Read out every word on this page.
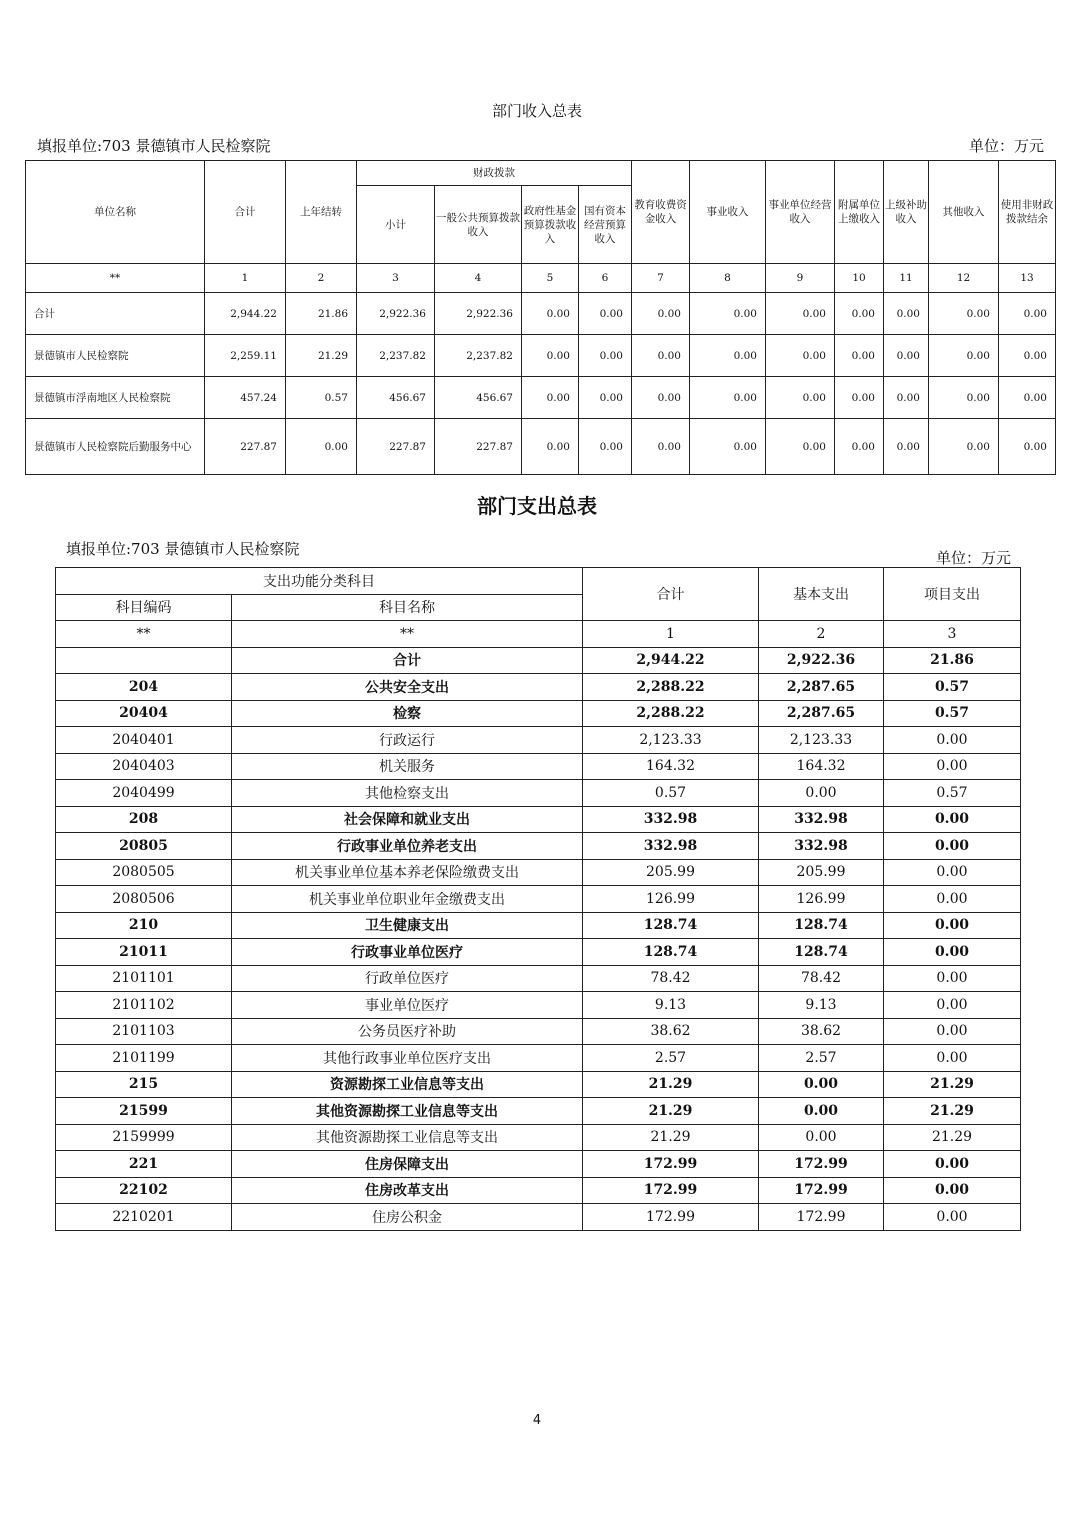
部门收入总表
填报单位:703 景德镇市人民检察院	单位：万元
单位名称	合计	上年结转	财政拨款				教育收费资金收入	事业收入	事业单位经营收入	附属单位上缴收入	上级补助收入	其他收入	使用非财政拨款结余
			小计	一般公共预算拨款收入	政府性基金预算拨款收入	国有资本经营预算收入							
**	1	2	3	4	5	6	7	8	9	10	11	12	13
合计	2,944.22	21.86	2,922.36	2,922.36	0.00	0.00	0.00	0.00	0.00	0.00	0.00	0.00	0.00
景德镇市人民检察院	2,259.11	21.29	2,237.82	2,237.82	0.00	0.00	0.00	0.00	0.00	0.00	0.00	0.00	0.00
景德镇市浮南地区人民检察院	457.24	0.57	456.67	456.67	0.00	0.00	0.00	0.00	0.00	0.00	0.00	0.00	0.00
景德镇市人民检察院后勤服务中心	227.87	0.00	227.87	227.87	0.00	0.00	0.00	0.00	0.00	0.00	0.00	0.00	0.00
部门支出总表
填报单位:703 景德镇市人民检察院	单位：万元
支出功能分类科目		合计	基本支出	项目支出
科目编码	科目名称			
**	**	1	2	3
	合计	2,944.22	2,922.36	21.86
204	公共安全支出	2,288.22	2,287.65	0.57
20404	检察	2,288.22	2,287.65	0.57
2040401	行政运行	2,123.33	2,123.33	0.00
2040403	机关服务	164.32	164.32	0.00
2040499	其他检察支出	0.57	0.00	0.57
208	社会保障和就业支出	332.98	332.98	0.00
20805	行政事业单位养老支出	332.98	332.98	0.00
2080505	机关事业单位基本养老保险缴费支出	205.99	205.99	0.00
2080506	机关事业单位职业年金缴费支出	126.99	126.99	0.00
210	卫生健康支出	128.74	128.74	0.00
21011	行政事业单位医疗	128.74	128.74	0.00
2101101	行政单位医疗	78.42	78.42	0.00
2101102	事业单位医疗	9.13	9.13	0.00
2101103	公务员医疗补助	38.62	38.62	0.00
2101199	其他行政事业单位医疗支出	2.57	2.57	0.00
215	资源勘探工业信息等支出	21.29	0.00	21.29
21599	其他资源勘探工业信息等支出	21.29	0.00	21.29
2159999	其他资源勘探工业信息等支出	21.29	0.00	21.29
221	住房保障支出	172.99	172.99	0.00
22102	住房改革支出	172.99	172.99	0.00
2210201	住房公积金	172.99	172.99	0.00
4
